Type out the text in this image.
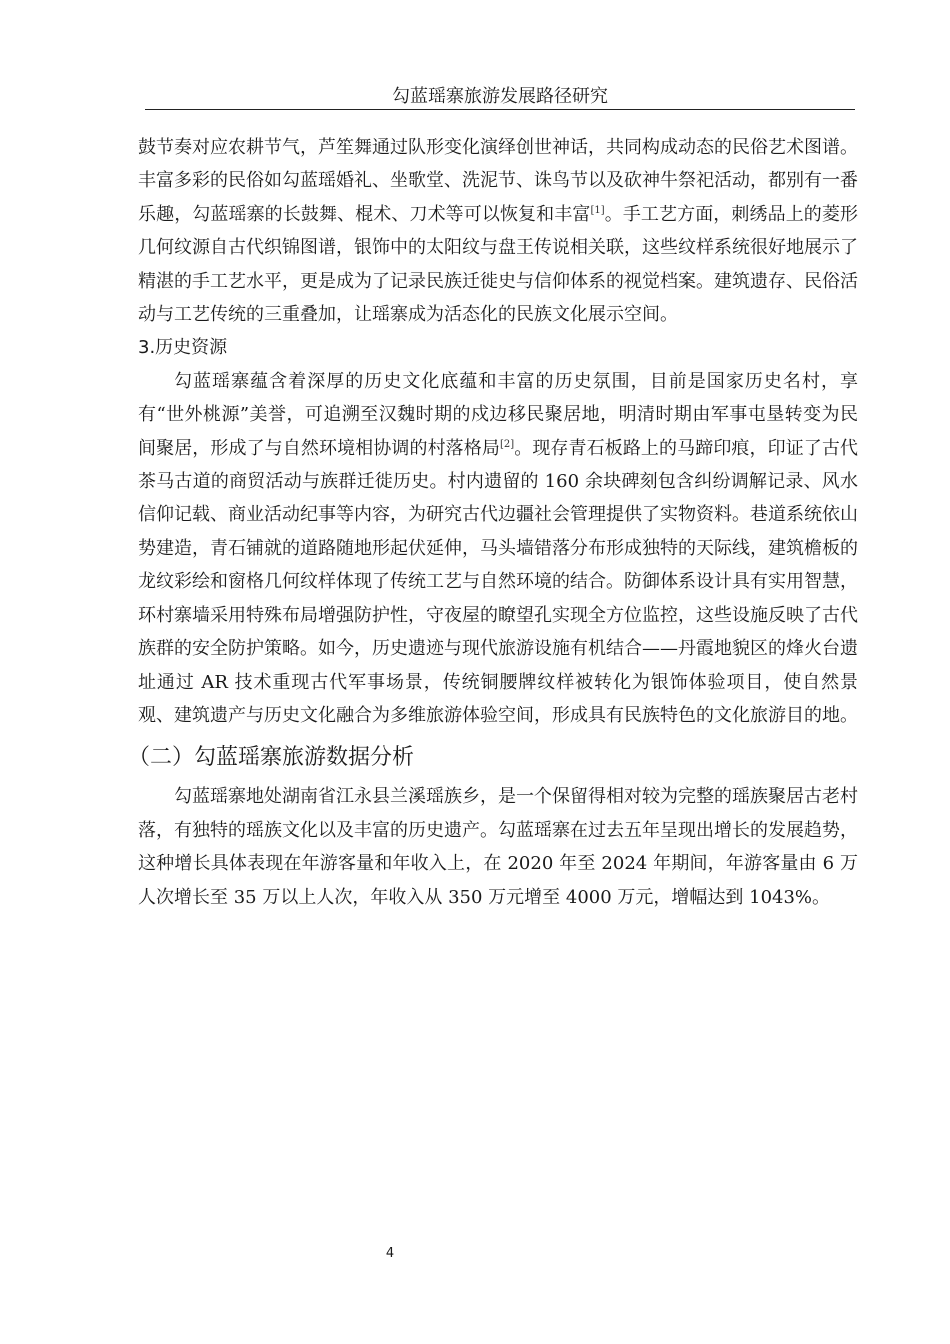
勾蓝瑶寨旅游发展路径研究

鼓节奏对应农耕节气，芦笙舞通过队形变化演绎创世神话，共同构成动态的民俗艺术图谱。丰富多彩的民俗如勾蓝瑶婚礼、坐歌堂、洗泥节、诛鸟节以及砍神牛祭祀活动，都别有一番乐趣，勾蓝瑶寨的长鼓舞、棍术、刀术等可以恢复和丰富[1]。手工艺方面，刺绣品上的菱形几何纹源自古代织锦图谱，银饰中的太阳纹与盘王传说相关联，这些纹样系统很好地展示了精湛的手工艺水平，更是成为了记录民族迁徙史与信仰体系的视觉档案。建筑遗存、民俗活动与工艺传统的三重叠加，让瑶寨成为活态化的民族文化展示空间。

3.历史资源

勾蓝瑶寨蕴含着深厚的历史文化底蕴和丰富的历史氛围，目前是国家历史名村，享有“世外桃源”美誉，可追溯至汉魏时期的戍边移民聚居地，明清时期由军事屯垦转变为民间聚居，形成了与自然环境相协调的村落格局[2]。现存青石板路上的马蹄印痕，印证了古代茶马古道的商贸活动与族群迁徙历史。村内遗留的 160 余块碑刻包含纠纷调解记录、风水信仰记载、商业活动纪事等内容，为研究古代边疆社会管理提供了实物资料。巷道系统依山势建造，青石铺就的道路随地形起伏延伸，马头墙错落分布形成独特的天际线，建筑檐板的龙纹彩绘和窗格几何纹样体现了传统工艺与自然环境的结合。防御体系设计具有实用智慧，环村寨墙采用特殊布局增强防护性，守夜屋的瞭望孔实现全方位监控，这些设施反映了古代族群的安全防护策略。如今，历史遗迹与现代旅游设施有机结合——丹霞地貌区的烽火台遗址通过 AR 技术重现古代军事场景，传统铜腰牌纹样被转化为银饰体验项目，使自然景观、建筑遗产与历史文化融合为多维旅游体验空间，形成具有民族特色的文化旅游目的地。

（二）勾蓝瑶寨旅游数据分析

勾蓝瑶寨地处湖南省江永县兰溪瑶族乡，是一个保留得相对较为完整的瑶族聚居古老村落，有独特的瑶族文化以及丰富的历史遗产。勾蓝瑶寨在过去五年呈现出增长的发展趋势，这种增长具体表现在年游客量和年收入上，在 2020 年至 2024 年期间，年游客量由 6 万人次增长至 35 万以上人次，年收入从 350 万元增至 4000 万元，增幅达到 1043%。

4
